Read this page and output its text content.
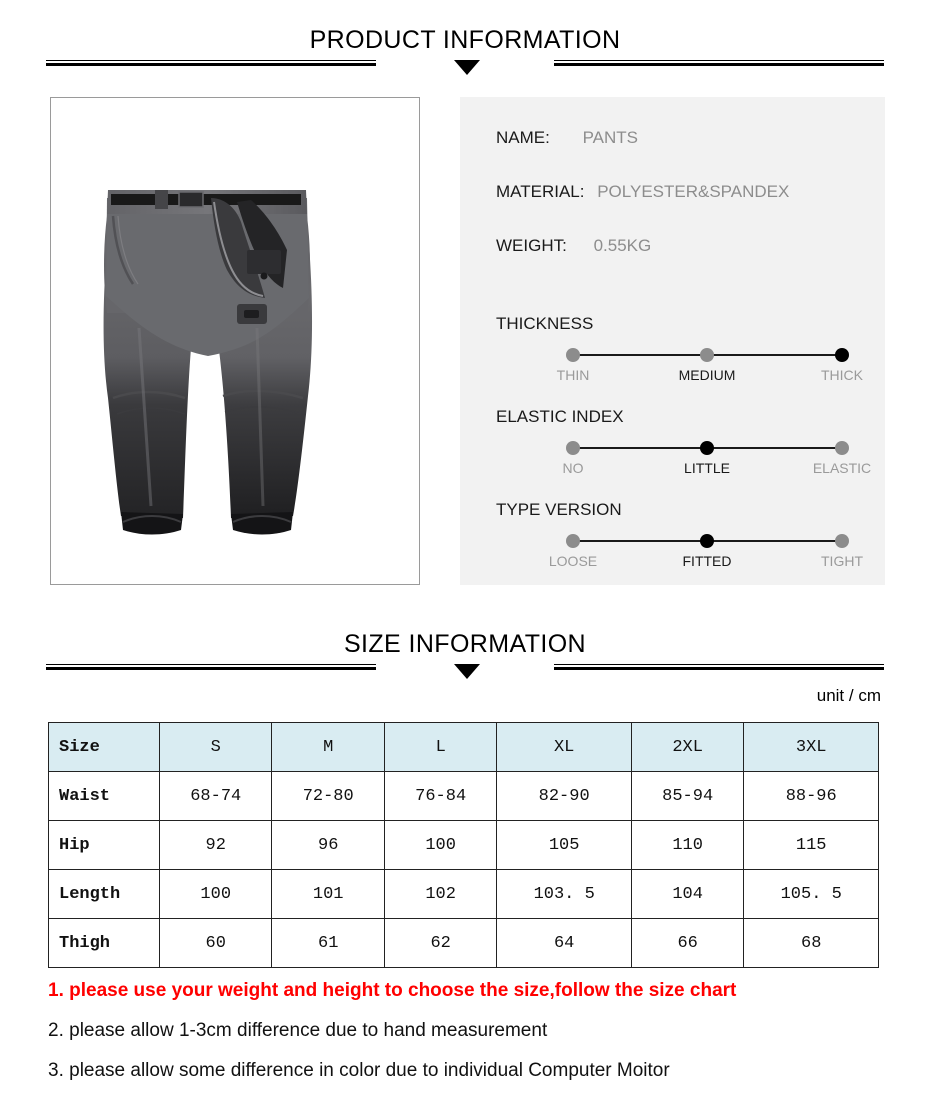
PRODUCT INFORMATION
NAME: PANTS
MATERIAL: POLYESTER&SPANDEX
WEIGHT: 0.55KG
THICKNESS
THIN	MEDIUM	THICK
ELASTIC INDEX
NO	LITTLE	ELASTIC
TYPE VERSION
LOOSE	FITTED	TIGHT
SIZE INFORMATION
unit / cm
Size	S	M	L	XL	2XL	3XL
Waist	68-74	72-80	76-84	82-90	85-94	88-96
Hip	92	96	100	105	110	115
Length	100	101	102	103. 5	104	105. 5
Thigh	60	61	62	64	66	68
1. please use your weight and height to choose the size,follow the size chart
2. please allow 1-3cm difference due to hand measurement
3. please allow some difference in color due to individual Computer Moitor
